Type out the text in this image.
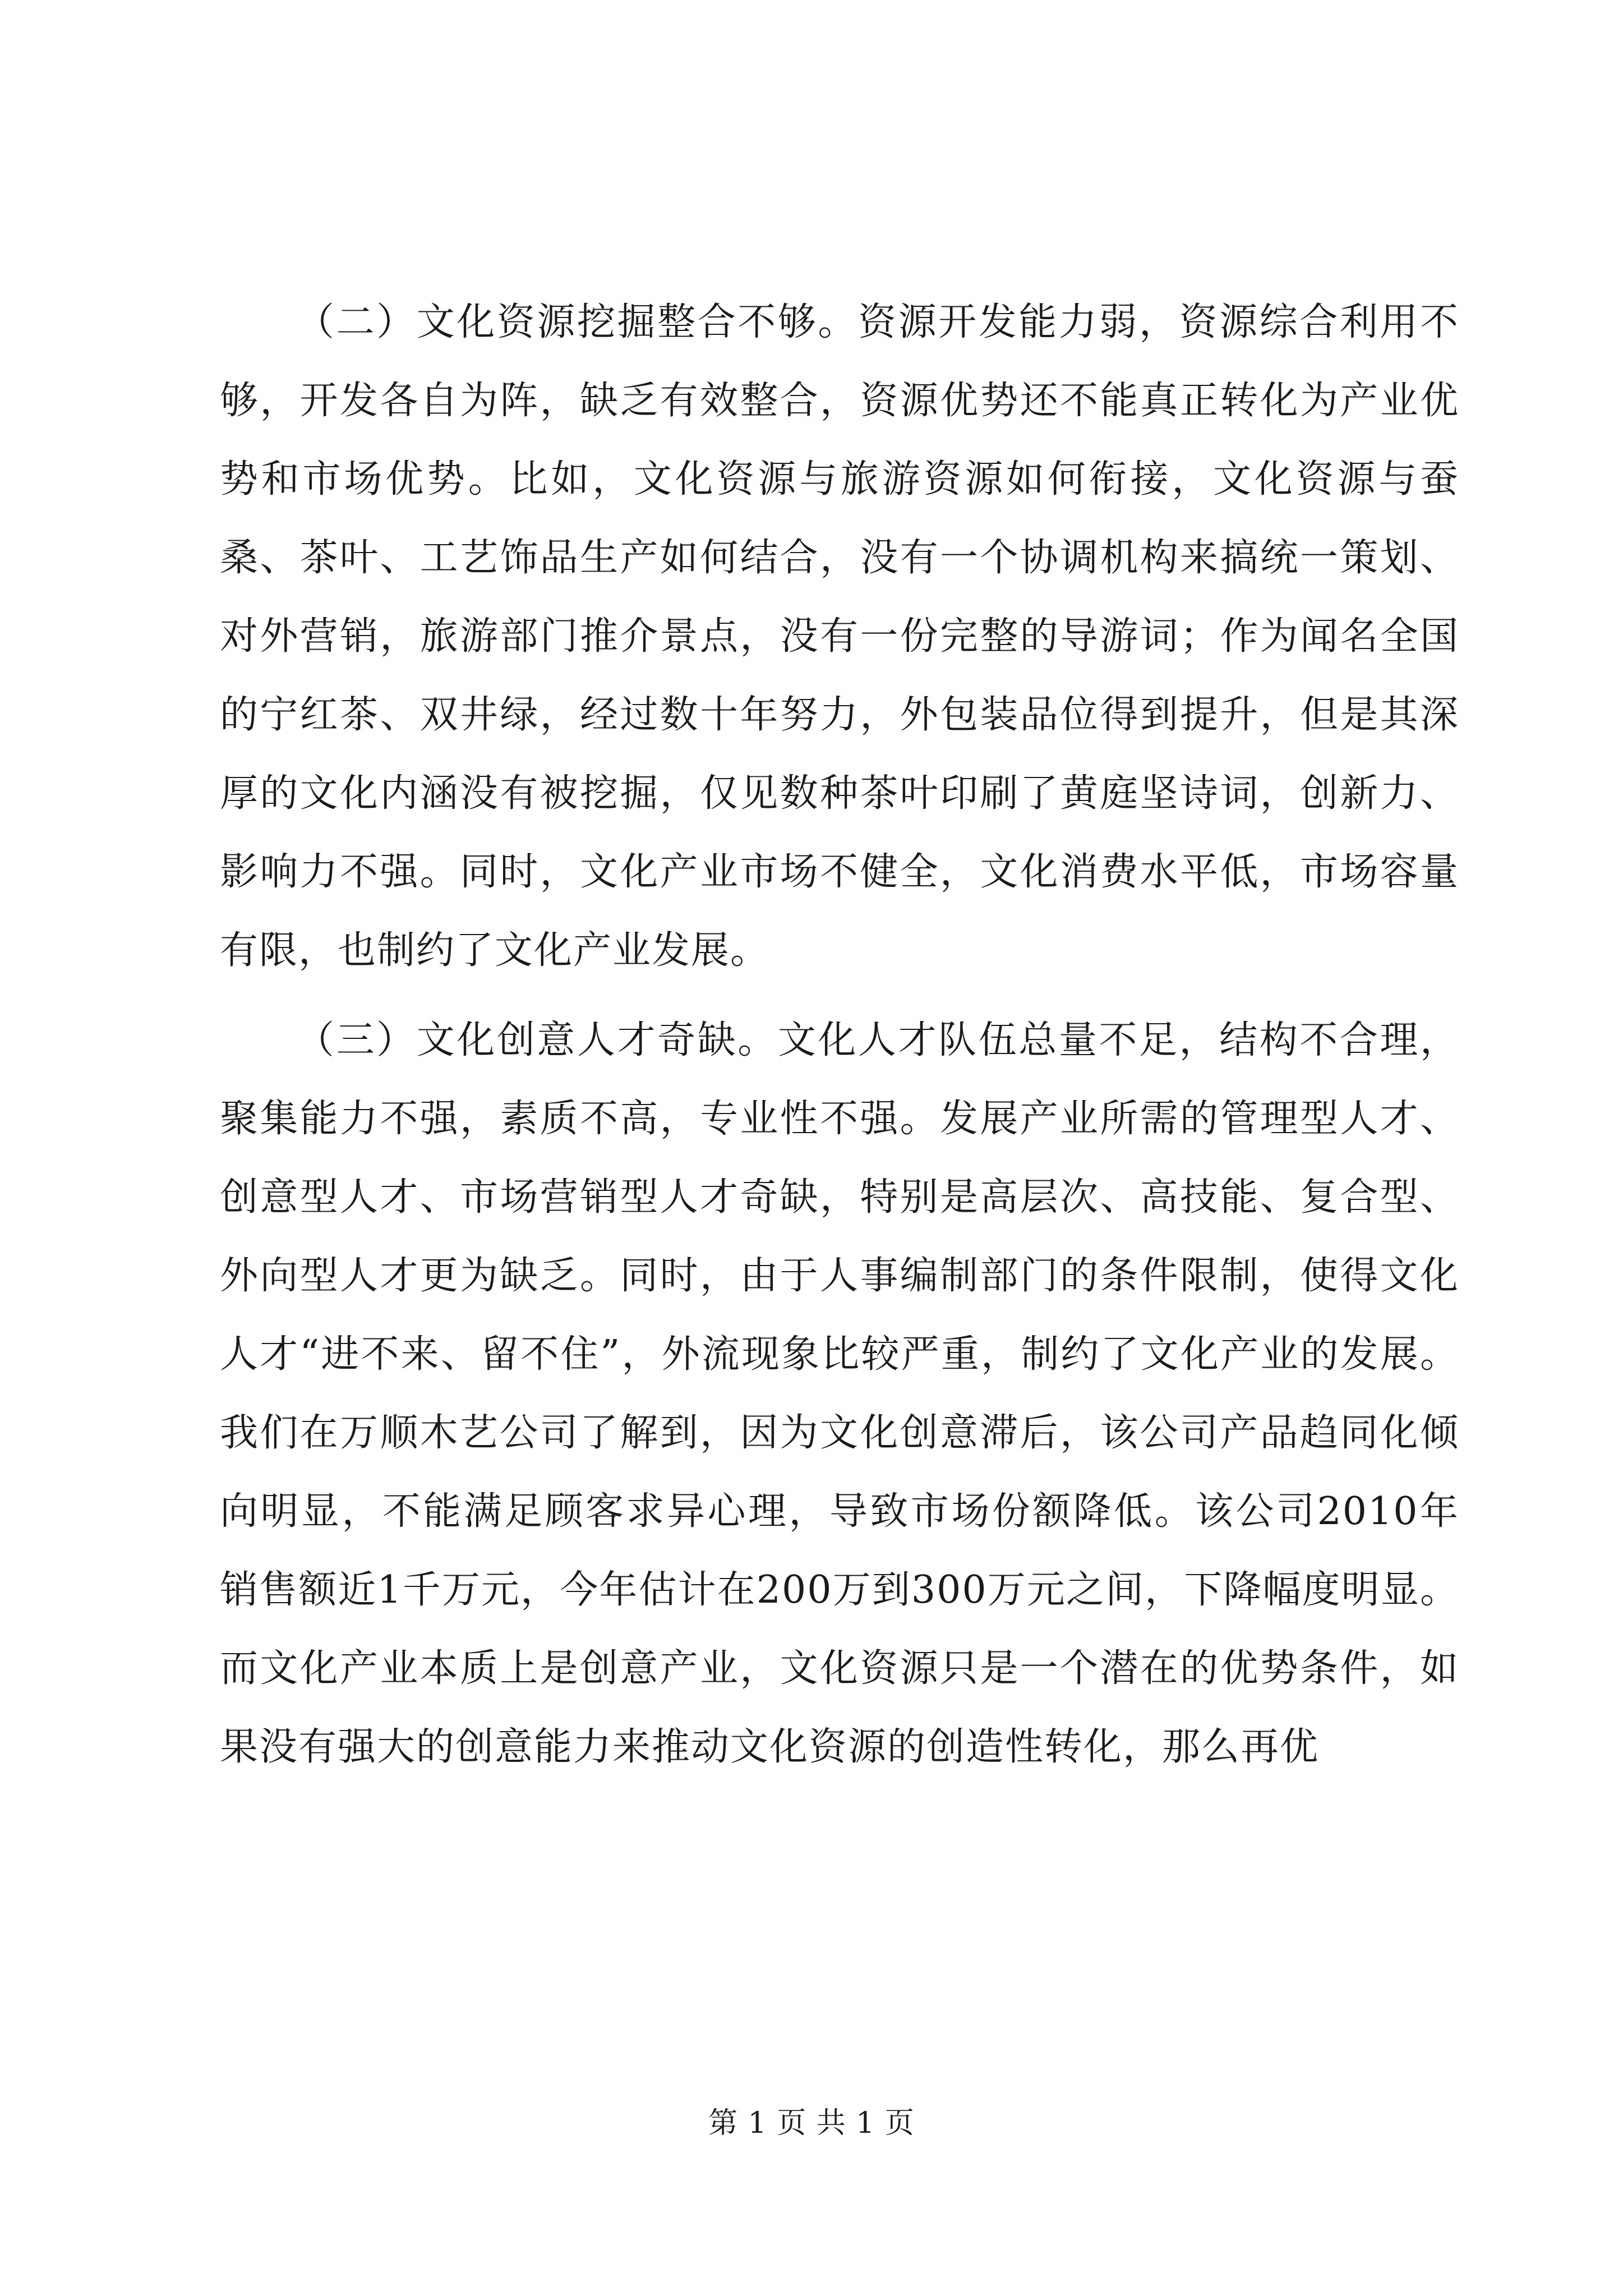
（二）文化资源挖掘整合不够。资源开发能力弱，资源综合利用不够，开发各自为阵，缺乏有效整合，资源优势还不能真正转化为产业优势和市场优势。比如，文化资源与旅游资源如何衔接，文化资源与蚕桑、茶叶、工艺饰品生产如何结合，没有一个协调机构来搞统一策划、对外营销，旅游部门推介景点，没有一份完整的导游词；作为闻名全国的宁红茶、双井绿，经过数十年努力，外包装品位得到提升，但是其深厚的文化内涵没有被挖掘，仅见数种茶叶印刷了黄庭坚诗词，创新力、影响力不强。同时，文化产业市场不健全，文化消费水平低，市场容量有限，也制约了文化产业发展。

（三）文化创意人才奇缺。文化人才队伍总量不足，结构不合理，聚集能力不强，素质不高，专业性不强。发展产业所需的管理型人才、创意型人才、市场营销型人才奇缺，特别是高层次、高技能、复合型、外向型人才更为缺乏。同时，由于人事编制部门的条件限制，使得文化人才“进不来、留不住”，外流现象比较严重，制约了文化产业的发展。我们在万顺木艺公司了解到，因为文化创意滞后，该公司产品趋同化倾向明显，不能满足顾客求异心理，导致市场份额降低。该公司2010年销售额近1千万元，今年估计在200万到300万元之间，下降幅度明显。而文化产业本质上是创意产业，文化资源只是一个潜在的优势条件，如果没有强大的创意能力来推动文化资源的创造性转化，那么再优

第 1 页 共 1 页
